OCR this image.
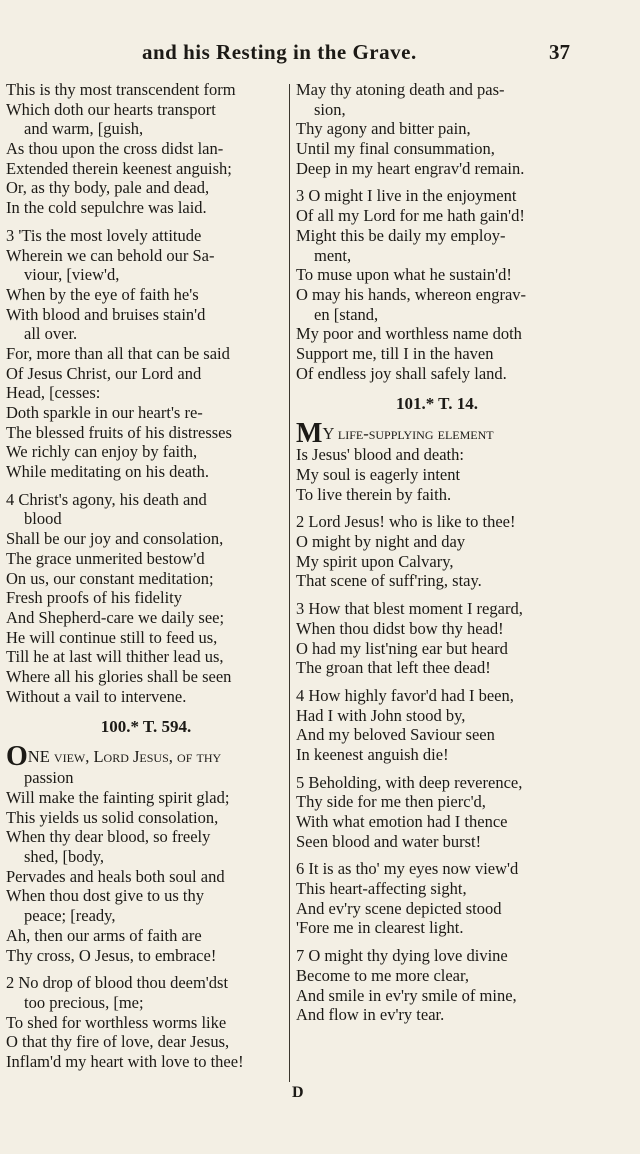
and his Resting in the Grave.	37
This is thy most transcendent form
Which doth our hearts transport
and warm, [guish,
As thou upon the cross didst lan-
Extended therein keenest anguish;
Or, as thy body, pale and dead,
In the cold sepulchre was laid.
3 'Tis the most lovely attitude
Wherein we can behold our Sa-
viour, [view'd,
When by the eye of faith he's
With blood and bruises stain'd
all over.
For, more than all that can be said
Of Jesus Christ, our Lord and
Head, [cesses:
Doth sparkle in our heart's re-
The blessed fruits of his distresses
We richly can enjoy by faith,
While meditating on his death.
4 Christ's agony, his death and
blood
Shall be our joy and consolation,
The grace unmerited bestow'd
On us, our constant meditation;
Fresh proofs of his fidelity
And Shepherd-care we daily see;
He will continue still to feed us,
Till he at last will thither lead us,
Where all his glories shall be seen
Without a vail to intervene.
100.* T. 594.
ONE view, Lord Jesus, of thy
passion
Will make the fainting spirit glad;
This yields us solid consolation,
When thy dear blood, so freely
shed, [body,
Pervades and heals both soul and
When thou dost give to us thy
peace; [ready,
Ah, then our arms of faith are
Thy cross, O Jesus, to embrace!
2 No drop of blood thou deem'dst
too precious, [me;
To shed for worthless worms like
O that thy fire of love, dear Jesus,
Inflam'd my heart with love to thee!
May thy atoning death and pas-
sion,
Thy agony and bitter pain,
Until my final consummation,
Deep in my heart engrav'd remain.
3 O might I live in the enjoyment
Of all my Lord for me hath gain'd!
Might this be daily my employ-
ment,
To muse upon what he sustain'd!
O may his hands, whereon engrav-
en [stand,
My poor and worthless name doth
Support me, till I in the haven
Of endless joy shall safely land.
101.* T. 14.
MY life-supplying element
Is Jesus' blood and death:
My soul is eagerly intent
To live therein by faith.
2 Lord Jesus! who is like to thee!
O might by night and day
My spirit upon Calvary,
That scene of suff'ring, stay.
3 How that blest moment I regard,
When thou didst bow thy head!
O had my list'ning ear but heard
The groan that left thee dead!
4 How highly favor'd had I been,
Had I with John stood by,
And my beloved Saviour seen
In keenest anguish die!
5 Beholding, with deep reverence,
Thy side for me then pierc'd,
With what emotion had I thence
Seen blood and water burst!
6 It is as tho' my eyes now view'd
This heart-affecting sight,
And ev'ry scene depicted stood
'Fore me in clearest light.
7 O might thy dying love divine
Become to me more clear,
And smile in ev'ry smile of mine,
And flow in ev'ry tear.
D
